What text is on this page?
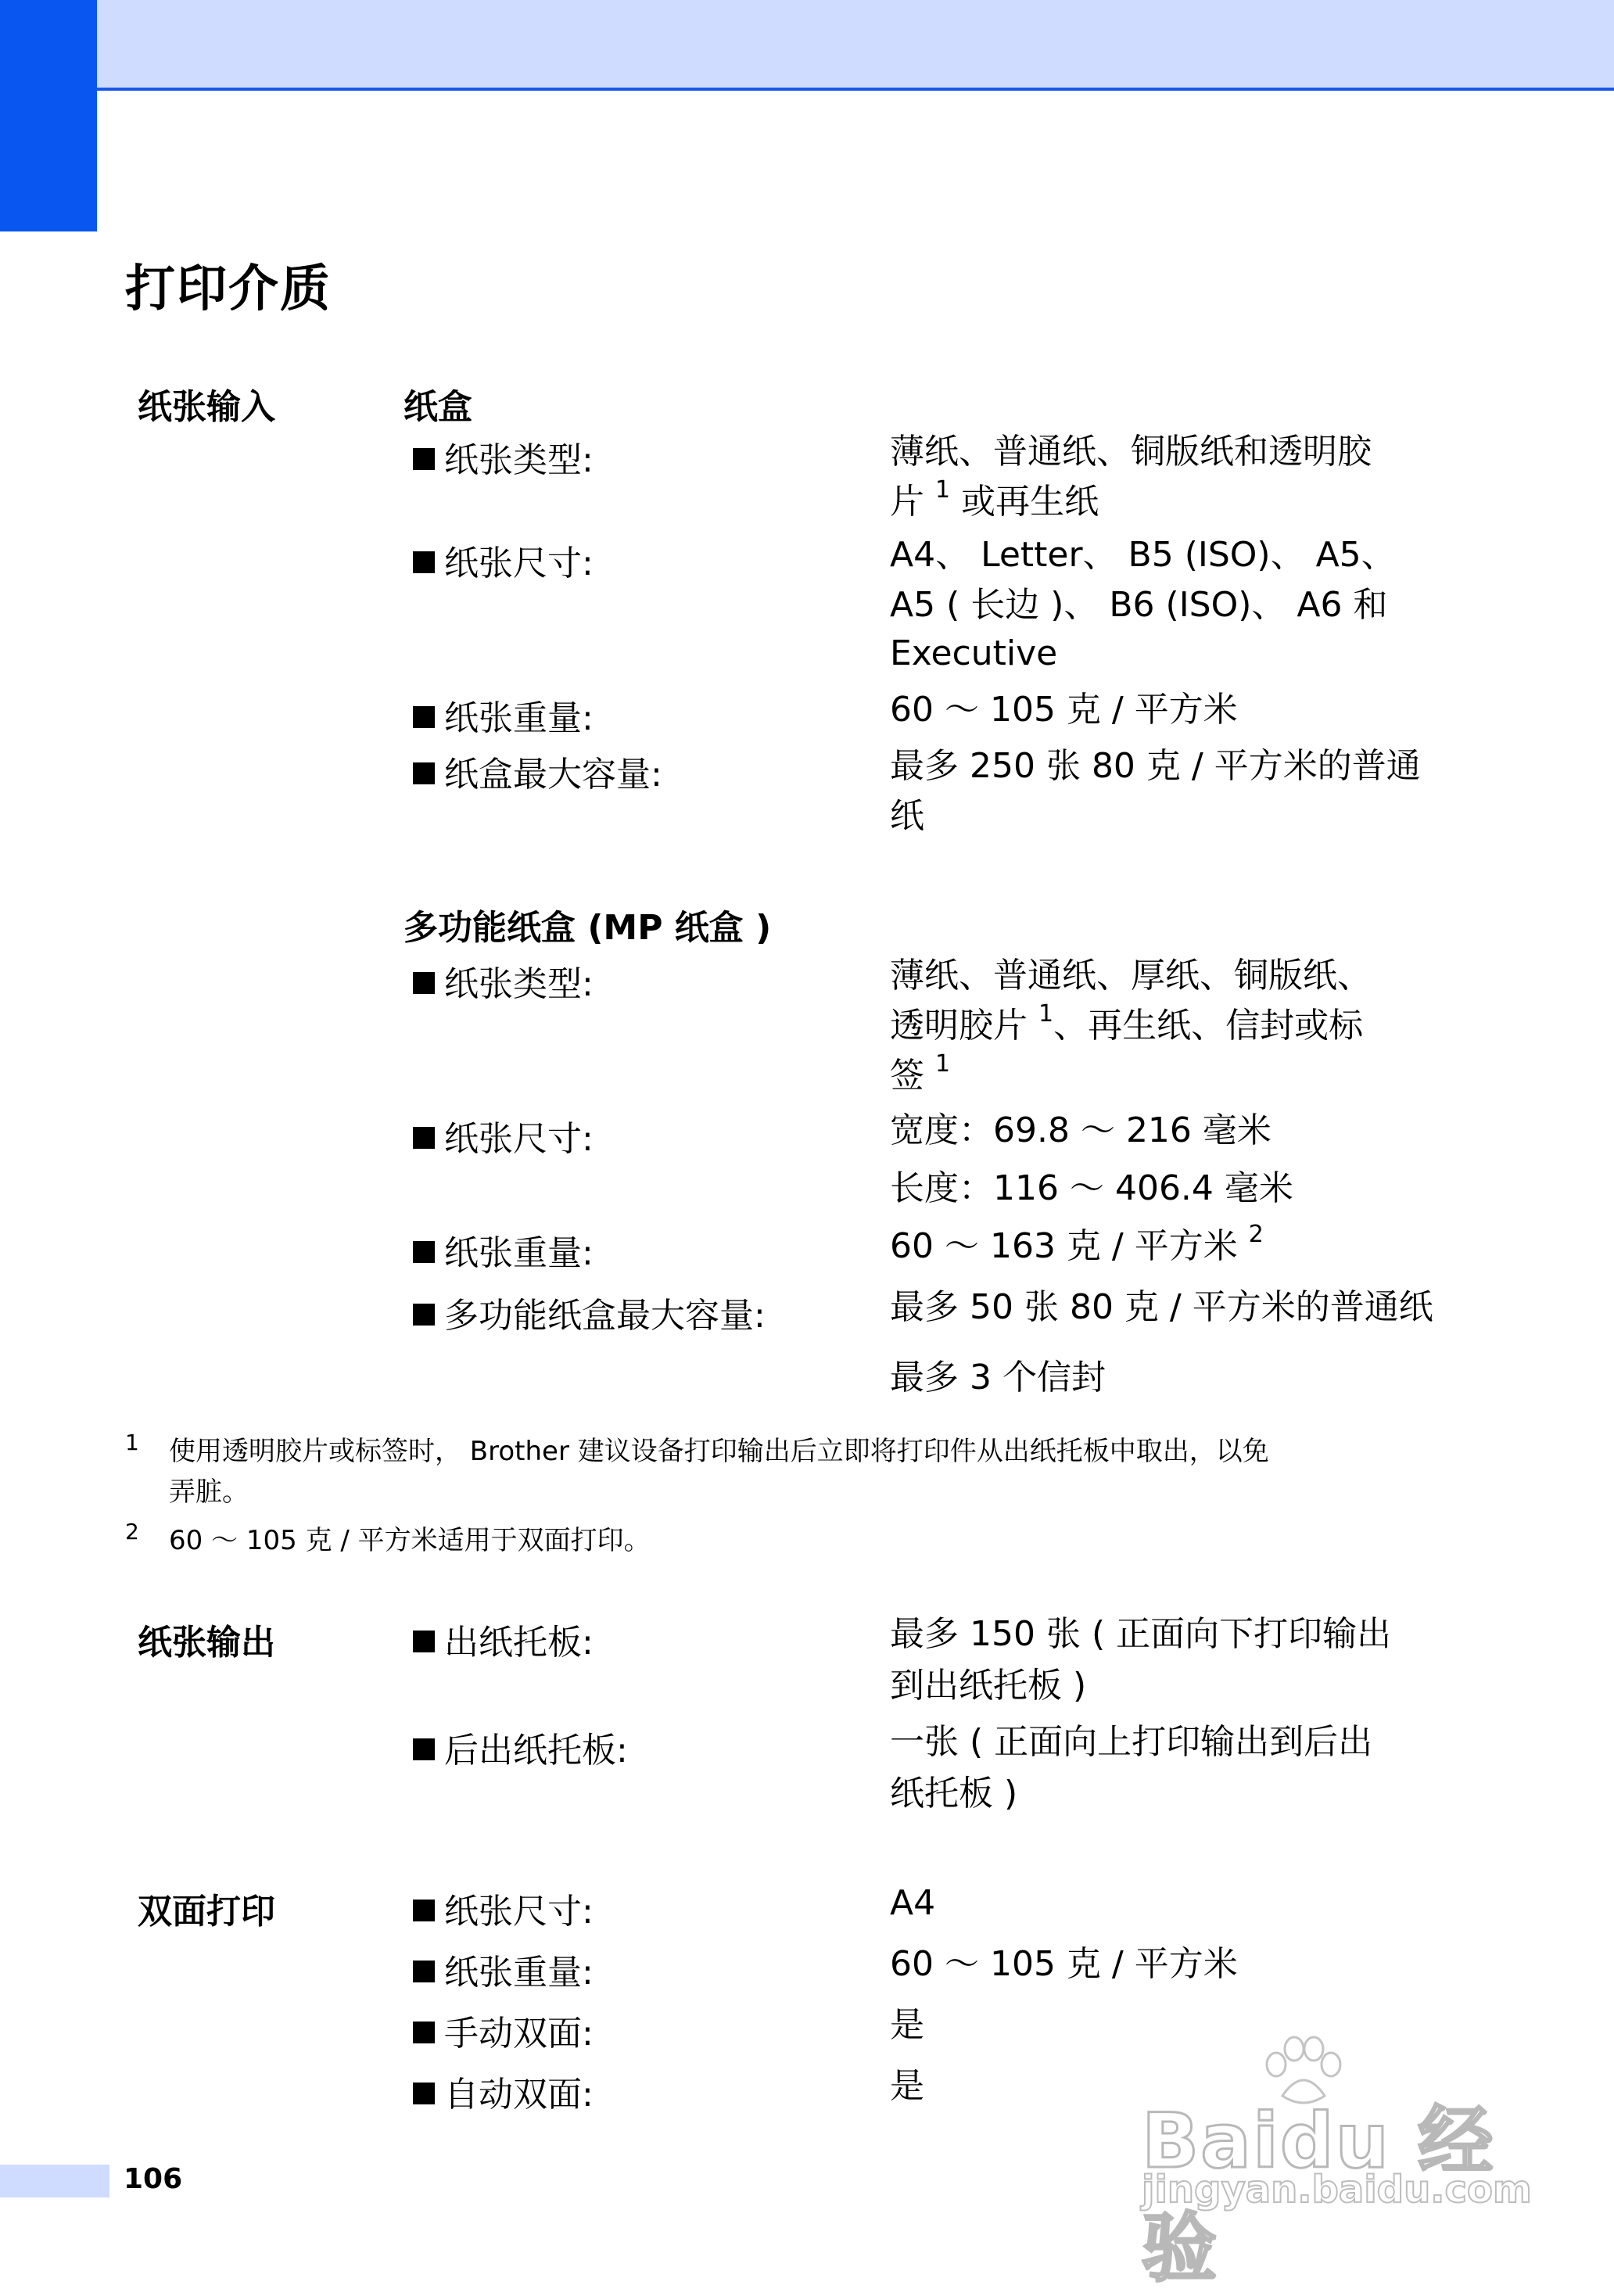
打印介质
纸张输入	纸盒
纸张类型:	薄纸、普通纸、铜版纸和透明胶
片 $^1$ 或再生纸
纸张尺寸:	A4、 Letter、 B5 (ISO)、 A5、
A5 ( 长边 )、 B6 (ISO)、 A6 和
Executive
纸张重量:	60 ～ 105 克 / 平方米
纸盒最大容量:	最多 250 张 80 克 / 平方米的普通
纸
多功能纸盒 (MP 纸盒 )
纸张类型:	薄纸、普通纸、厚纸、铜版纸、
透明胶片 $^1$、再生纸、信封或标
签 $^1$
纸张尺寸:	宽度：69.8 ～ 216 毫米
长度：116 ～ 406.4 毫米
纸张重量:	60 ～ 163 克 / 平方米 $^2$
多功能纸盒最大容量:	最多 50 张 80 克 / 平方米的普通纸
最多 3 个信封
1 使用透明胶片或标签时， Brother 建议设备打印输出后立即将打印件从出纸托板中取出，以免
弄脏。
2 60 ～ 105 克 / 平方米适用于双面打印。
纸张输出	出纸托板:	最多 150 张 ( 正面向下打印输出
到出纸托板 )
后出纸托板:	一张 ( 正面向上打印输出到后出
纸托板 )
双面打印	纸张尺寸:	A4
纸张重量:	60 ～ 105 克 / 平方米
手动双面:	是
自动双面:	是
106	Baidu 经验
jingyan.baidu.com
